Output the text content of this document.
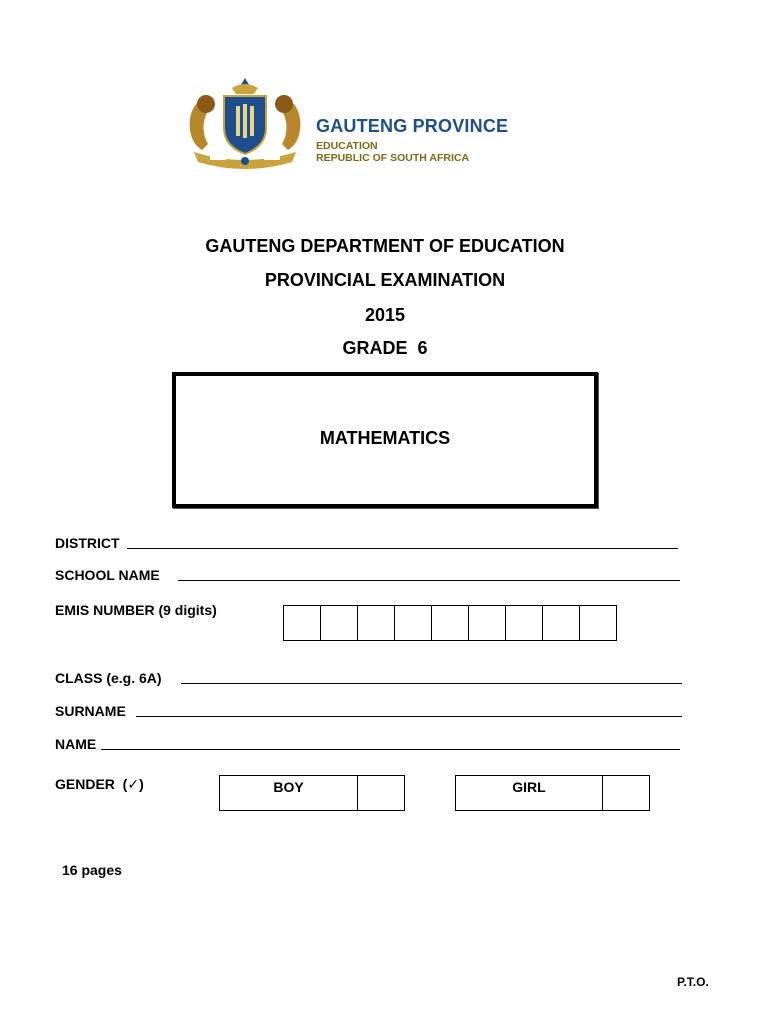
GAUTENG PROVINCE
EDUCATION
REPUBLIC OF SOUTH AFRICA
GAUTENG DEPARTMENT OF EDUCATION
PROVINCIAL EXAMINATION
2015
GRADE  6
MATHEMATICS
DISTRICT
SCHOOL NAME
EMIS NUMBER (9 digits)
CLASS (e.g. 6A)
SURNAME
NAME
GENDER  (✓)	BOY	GIRL
16 pages
P.T.O.
